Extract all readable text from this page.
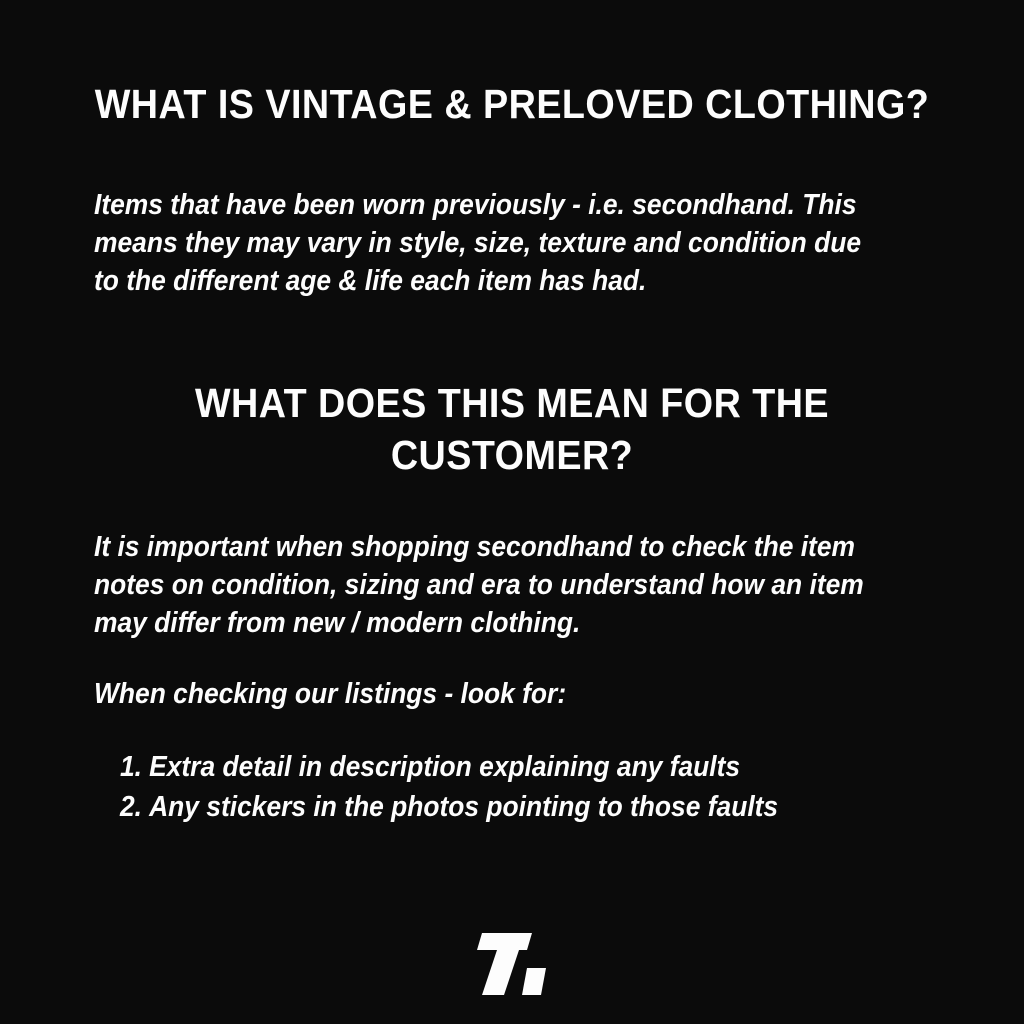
WHAT IS VINTAGE & PRELOVED CLOTHING?
Items that have been worn previously - i.e. secondhand. This
means they may vary in style, size, texture and condition due
to the different age & life each item has had.
WHAT DOES THIS MEAN FOR THE
CUSTOMER?
It is important when shopping secondhand to check the item
notes on condition, sizing and era to understand how an item
may differ from new / modern clothing.
When checking our listings - look for:
1. Extra detail in description explaining any faults
2. Any stickers in the photos pointing to those faults
